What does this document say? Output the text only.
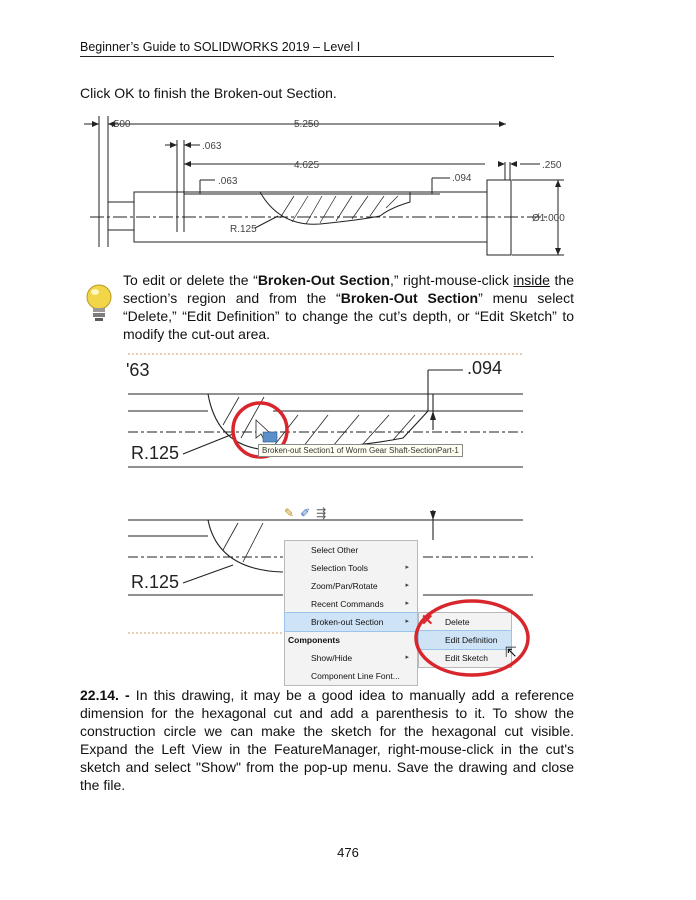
Beginner’s Guide to SOLIDWORKS 2019 – Level I
Click OK to finish the Broken-out Section.
.500	5.250
.063
4.625
.063	.094
.250
R.125
Ø1.000
To edit or delete the “Broken-Out Section,” right-mouse-click inside the section’s region and from the “Broken-Out Section” menu select “Delete,” “Edit Definition” to change the cut’s depth, or “Edit Sketch” to modify the cut-out area.
'63	.094
R.125	Broken-out Section1 of Worm Gear Shaft-SectionPart-1
R.125
✎ ✐ ⇶
Select Other
Selection Tools	▸
Zoom/Pan/Rotate	▸
Recent Commands	▸
Broken-out Section	▸
Components
Show/Hide	▸
Component Line Font...
Delete
Edit Definition
Edit Sketch
✕
⇱
22.14. - In this drawing, it may be a good idea to manually add a reference dimension for the hexagonal cut and add a parenthesis to it. To show the construction circle we can make the sketch for the hexagonal cut visible. Expand the Left View in the FeatureManager, right-mouse-click in the cut's sketch and select "Show" from the pop-up menu. Save the drawing and close the file.
476
